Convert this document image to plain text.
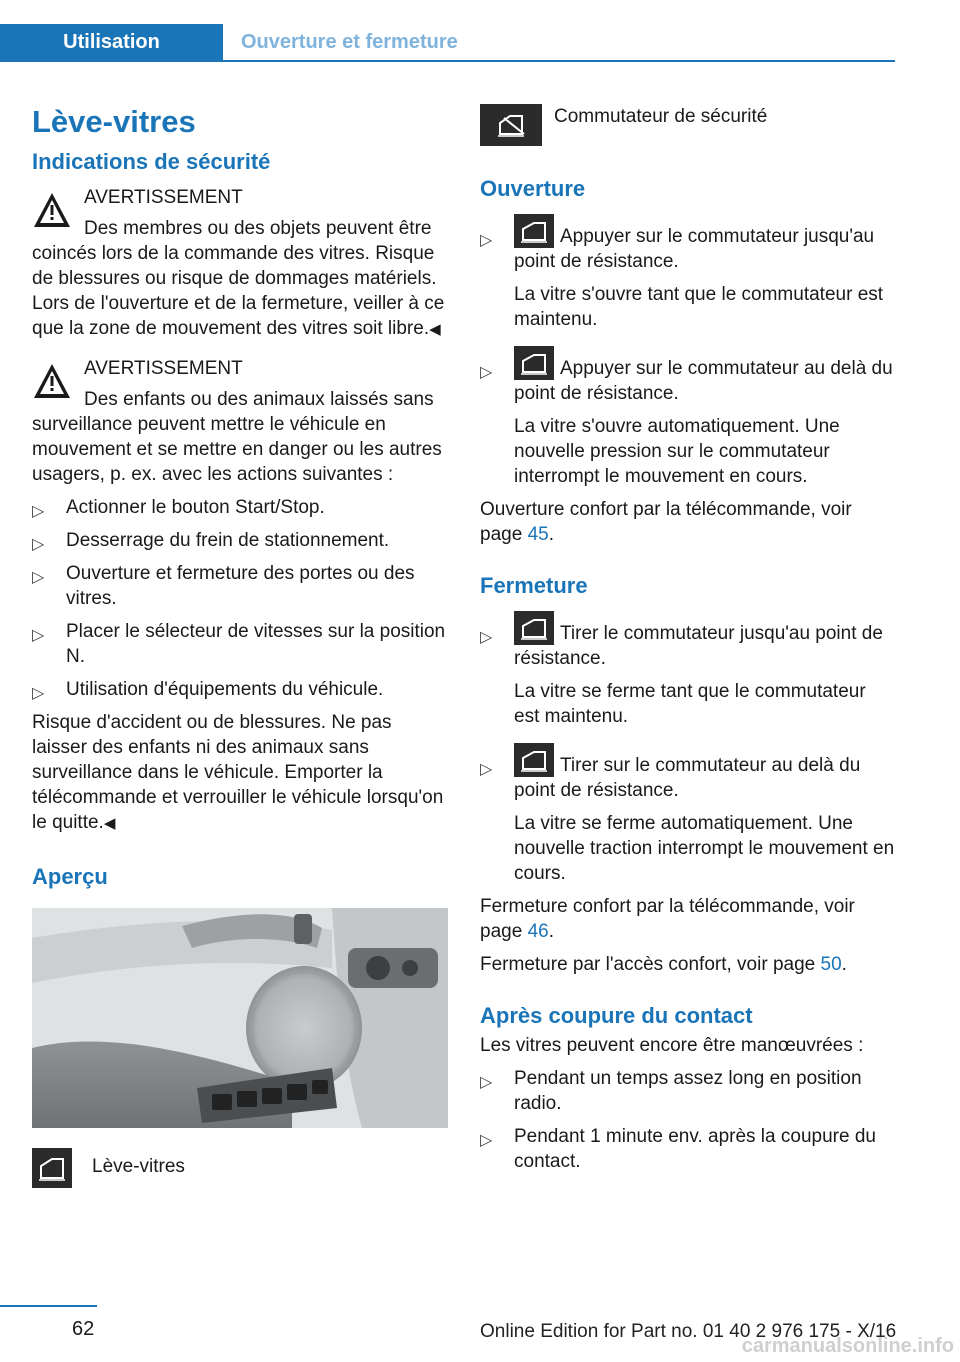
Utilisation	Ouverture et fermeture
Lève-vitres
Indications de sécurité
AVERTISSEMENT
Des membres ou des objets peuvent être coincés lors de la commande des vitres. Risque de blessures ou risque de dommages matériels. Lors de l'ouverture et de la fermeture, veiller à ce que la zone de mouvement des vitres soit libre.◀
AVERTISSEMENT
Des enfants ou des animaux laissés sans surveillance peuvent mettre le véhicule en mouvement et se mettre en danger ou les autres usagers, p. ex. avec les actions suivantes :
▷ Actionner le bouton Start/Stop.
▷ Desserrage du frein de stationnement.
▷ Ouverture et fermeture des portes ou des vitres.
▷ Placer le sélecteur de vitesses sur la position N.
▷ Utilisation d'équipements du véhicule.

Risque d'accident ou de blessures. Ne pas laisser des enfants ni des animaux sans surveillance dans le véhicule. Emporter la télécommande et verrouiller le véhicule lorsqu'on le quitte.◀

Aperçu
Lève-vitres
Commutateur de sécurité
Ouverture
▷	Appuyer sur le commutateur jusqu'au point de résistance.
La vitre s'ouvre tant que le commutateur est maintenu.
▷	Appuyer sur le commutateur au delà du point de résistance.
La vitre s'ouvre automatiquement. Une nouvelle pression sur le commutateur interrompt le mouvement en cours.

Ouverture confort par la télécommande, voir page 45.

Fermeture
▷	Tirer le commutateur jusqu'au point de résistance.
La vitre se ferme tant que le commutateur est maintenu.
▷	Tirer sur le commutateur au delà du point de résistance.
La vitre se ferme automatiquement. Une nouvelle traction interrompt le mouvement en cours.

Fermeture confort par la télécommande, voir page 46.

Fermeture par l'accès confort, voir page 50.

Après coupure du contact

Les vitres peuvent encore être manœuvrées :

▷ Pendant un temps assez long en position radio.
▷ Pendant 1 minute env. après la coupure du contact.
62	Online Edition for Part no. 01 40 2 976 175 - X/16
carmanualsonline.info
